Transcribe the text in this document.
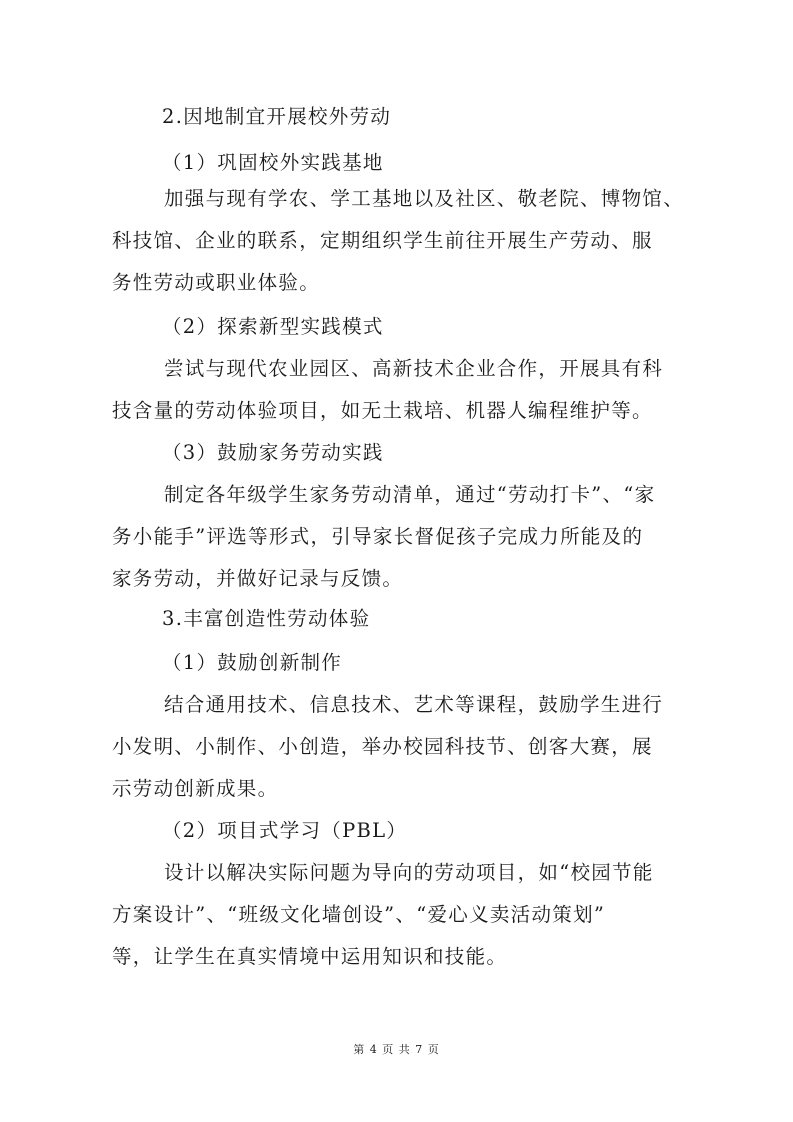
2.因地制宜开展校外劳动
（1）巩固校外实践基地
加强与现有学农、学工基地以及社区、敬老院、博物馆、
科技馆、企业的联系，定期组织学生前往开展生产劳动、服
务性劳动或职业体验。
（2）探索新型实践模式
尝试与现代农业园区、高新技术企业合作，开展具有科
技含量的劳动体验项目，如无土栽培、机器人编程维护等。
（3）鼓励家务劳动实践
制定各年级学生家务劳动清单，通过“劳动打卡”、“家
务小能手”评选等形式，引导家长督促孩子完成力所能及的
家务劳动，并做好记录与反馈。
3.丰富创造性劳动体验
（1）鼓励创新制作
结合通用技术、信息技术、艺术等课程，鼓励学生进行
小发明、小制作、小创造，举办校园科技节、创客大赛，展
示劳动创新成果。
（2）项目式学习（PBL）
设计以解决实际问题为导向的劳动项目，如“校园节能
方案设计”、“班级文化墙创设”、“爱心义卖活动策划”
等，让学生在真实情境中运用知识和技能。
第 4 页 共 7 页
